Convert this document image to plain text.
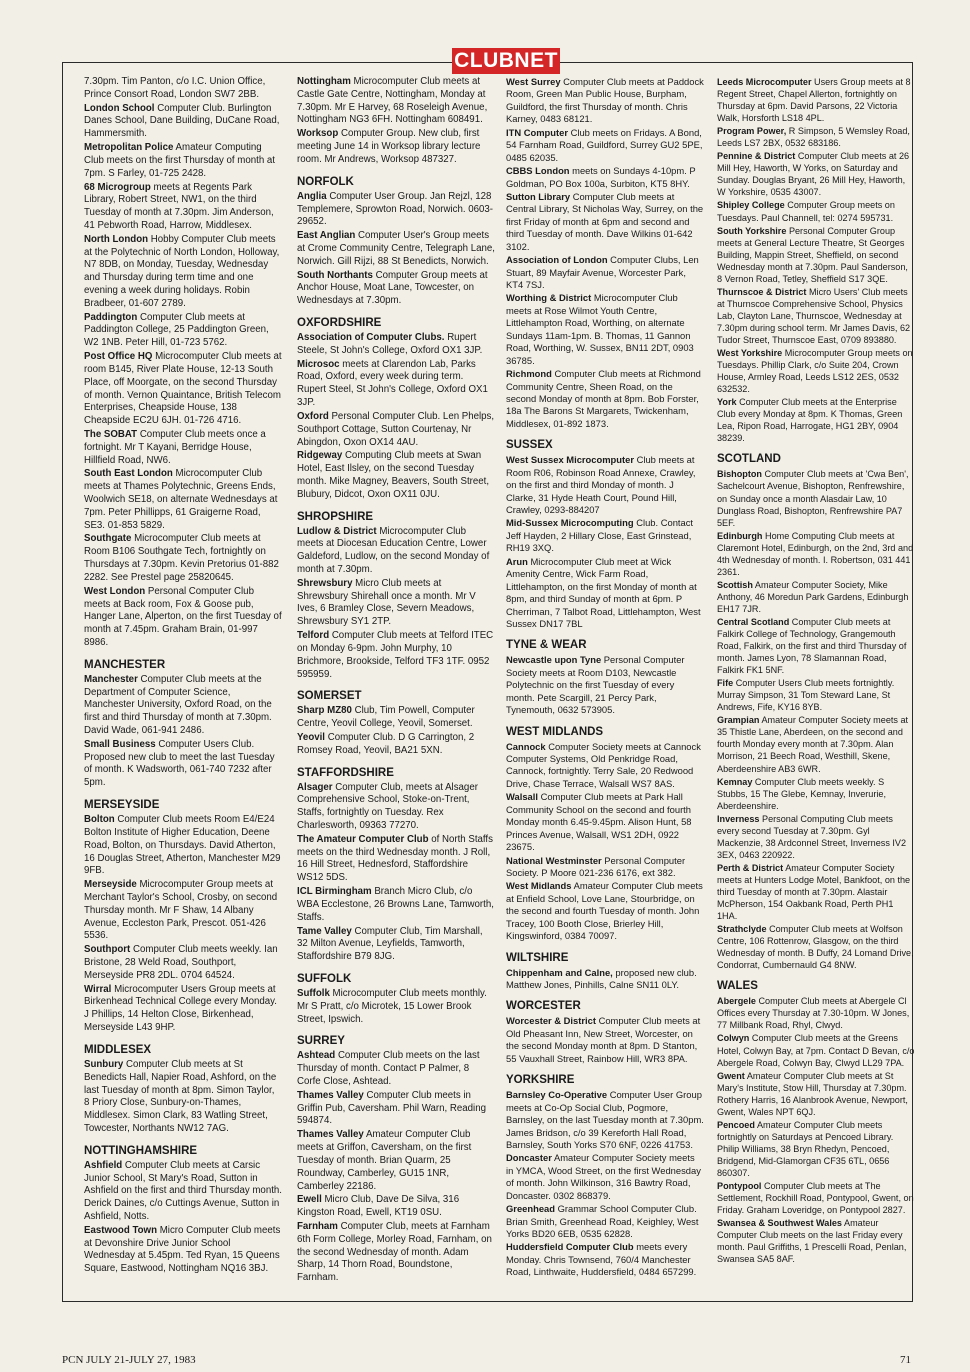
CLUBNET
7.30pm. Tim Panton, c/o I.C. Union Office, Prince Consort Road, London SW7 2BB.
London School Computer Club. Burlington Danes School, Dane Building, DuCane Road, Hammersmith.
Metropolitan Police Amateur Computing Club meets on the first Thursday of month at 7pm. S Farley, 01-725 2428.
68 Microgroup meets at Regents Park Library, Robert Street, NW1, on the third Tuesday of month at 7.30pm. Jim Anderson, 41 Pebworth Road, Harrow, Middlesex.
North London Hobby Computer Club meets at the Polytechnic of North London, Holloway, N7 8DB, on Monday, Tuesday, Wednesday and Thursday during term time and one evening a week during holidays. Robin Bradbeer, 01-607 2789.
Paddington Computer Club meets at Paddington College, 25 Paddington Green, W2 1NB. Peter Hill, 01-723 5762.
Post Office HQ Microcomputer Club meets at room B145, River Plate House, 12-13 South Place, off Moorgate, on the second Thursday of month. Vernon Quaintance, British Telecom Enterprises, Cheapside House, 138 Cheapside EC2U 6JH. 01-726 4716.
The SOBAT Computer Club meets once a fortnight. Mr T Kayani, Berridge House, Hillfield Road, NW6.
South East London Microcomputer Club meets at Thames Polytechnic, Greens Ends, Woolwich SE18, on alternate Wednesdays at 7pm. Peter Phillipps, 61 Graigerne Road, SE3. 01-853 5829.
Southgate Microcomputer Club meets at Room B106 Southgate Tech, fortnightly on Thursdays at 7.30pm. Kevin Pretorius 01-882 2282. See Prestel page 25820645.
West London Personal Computer Club meets at Back room, Fox & Goose pub, Hanger Lane, Alperton, on the first Tuesday of month at 7.45pm. Graham Brain, 01-997 8986.
MANCHESTER
Manchester Computer Club meets at the Department of Computer Science, Manchester University, Oxford Road, on the first and third Thursday of month at 7.30pm. David Wade, 061-941 2486.
Small Business Computer Users Club. Proposed new club to meet the last Tuesday of month. K Wadsworth, 061-740 7232 after 5pm.
MERSEYSIDE
Bolton Computer Club meets Room E4/E24 Bolton Institute of Higher Education, Deene Road, Bolton, on Thursdays. David Atherton, 16 Douglas Street, Atherton, Manchester M29 9FB.
Merseyside Microcomputer Group meets at Merchant Taylor's School, Crosby, on second Thursday month. Mr F Shaw, 14 Albany Avenue, Eccleston Park, Prescot. 051-426 5536.
Southport Computer Club meets weekly. Ian Bristone, 28 Weld Road, Southport, Merseyside PR8 2DL. 0704 64524.
Wirral Microcomputer Users Group meets at Birkenhead Technical College every Monday. J Phillips, 14 Helton Close, Birkenhead, Merseyside L43 9HP.
MIDDLESEX
Sunbury Computer Club meets at St Benedicts Hall, Napier Road, Ashford, on the last Tuesday of month at 8pm. Simon Taylor, 8 Priory Close, Sunbury-on-Thames, Middlesex. Simon Clark, 83 Watling Street, Towcester, Northants NW12 7AG.
NOTTINGHAMSHIRE
Ashfield Computer Club meets at Carsic Junior School, St Mary's Road, Sutton in Ashfield on the first and third Thursday month. Derick Daines, c/o Cuttings Avenue, Sutton in Ashfield, Notts.
Eastwood Town Micro Computer Club meets at Devonshire Drive Junior School Wednesday at 5.45pm. Ted Ryan, 15 Queens Square, Eastwood, Nottingham NQ16 3BJ.
Nottingham Microcomputer Club meets at Castle Gate Centre, Nottingham, Monday at 7.30pm. Mr E Harvey, 68 Roseleigh Avenue, Nottingham NG3 6FH. Nottingham 608491.
Worksop Computer Group. New club, first meeting June 14 in Worksop library lecture room. Mr Andrews, Worksop 487327.
NORFOLK
Anglia Computer User Group. Jan Rejzl, 128 Templemere, Sprowton Road, Norwich. 0603-29652.
East Anglian Computer User's Group meets at Crome Community Centre, Telegraph Lane, Norwich. Gill Rijzi, 88 St Benedicts, Norwich.
South Northants Computer Group meets at Anchor House, Moat Lane, Towcester, on Wednesdays at 7.30pm.
OXFORDSHIRE
Association of Computer Clubs. Rupert Steele, St John's College, Oxford OX1 3JP.
Microsoc meets at Clarendon Lab, Parks Road, Oxford, every week during term. Rupert Steel, St John's College, Oxford OX1 3JP.
Oxford Personal Computer Club. Len Phelps, Southport Cottage, Sutton Courtenay, Nr Abingdon, Oxon OX14 4AU.
Ridgeway Computing Club meets at Swan Hotel, East Ilsley, on the second Tuesday month. Mike Magney, Beavers, South Street, Blubury, Didcot, Oxon OX11 0JU.
SHROPSHIRE
Ludlow & District Microcomputer Club meets at Diocesan Education Centre, Lower Galdeford, Ludlow, on the second Monday of month at 7.30pm.
Shrewsbury Micro Club meets at Shrewsbury Shirehall once a month. Mr V Ives, 6 Bramley Close, Severn Meadows, Shrewsbury SY1 2TP.
Telford Computer Club meets at Telford ITEC on Monday 6-9pm. John Murphy, 10 Brichmore, Brookside, Telford TF3 1TF. 0952 595959.
SOMERSET
Sharp MZ80 Club, Tim Powell, Computer Centre, Yeovil College, Yeovil, Somerset.
Yeovil Computer Club. D G Carrington, 2 Romsey Road, Yeovil, BA21 5XN.
STAFFORDSHIRE
Alsager Computer Club, meets at Alsager Comprehensive School, Stoke-on-Trent, Staffs, fortnightly on Tuesday. Rex Charlesworth, 09363 77270.
The Amateur Computer Club of North Staffs meets on the third Wednesday month. J Roll, 16 Hill Street, Hednesford, Staffordshire WS12 5DS.
ICL Birmingham Branch Micro Club, c/o WBA Ecclestone, 26 Browns Lane, Tamworth, Staffs.
Tame Valley Computer Club, Tim Marshall, 32 Milton Avenue, Leyfields, Tamworth, Staffordshire B79 8JG.
SUFFOLK
Suffolk Microcomputer Club meets monthly. Mr S Pratt, c/o Microtek, 15 Lower Brook Street, Ipswich.
SURREY
Ashtead Computer Club meets on the last Thursday of month. Contact P Palmer, 8 Corfe Close, Ashtead.
Thames Valley Computer Club meets in Griffin Pub, Caversham. Phil Warn, Reading 594874.
Thames Valley Amateur Computer Club meets at Griffon, Caversham, on the first Tuesday of month. Brian Quarm, 25 Roundway, Camberley, GU15 1NR, Camberley 22186.
Ewell Micro Club, Dave De Silva, 316 Kingston Road, Ewell, KT19 0SU.
Farnham Computer Club, meets at Farnham 6th Form College, Morley Road, Farnham, on the second Wednesday of month. Adam Sharp, 14 Thorn Road, Boundstone, Farnham.
West Surrey Computer Club meets at Paddock Room, Green Man Public House, Burpham, Guildford, the first Thursday of month. Chris Karney, 0483 68121.
ITN Computer Club meets on Fridays. A Bond, 54 Farnham Road, Guildford, Surrey GU2 5PE, 0485 62035.
CBBS London meets on Sundays 4-10pm. P Goldman, PO Box 100a, Surbiton, KT5 8HY.
Sutton Library Computer Club meets at Central Library, St Nicholas Way, Surrey, on the first Friday of month at 6pm and second and third Tuesday of month. Dave Wilkins 01-642 3102.
Association of London Computer Clubs, Len Stuart, 89 Mayfair Avenue, Worcester Park, KT4 7SJ.
Worthing & District Microcomputer Club meets at Rose Wilmot Youth Centre, Littlehampton Road, Worthing, on alternate Sundays 11am-1pm. B. Thomas, 11 Gannon Road, Worthing, W. Sussex, BN11 2DT, 0903 36785.
Richmond Computer Club meets at Richmond Community Centre, Sheen Road, on the second Monday of month at 8pm. Bob Forster, 18a The Barons St Margarets, Twickenham, Middlesex, 01-892 1873.
SUSSEX
West Sussex Microcomputer Club meets at Room R06, Robinson Road Annexe, Crawley, on the first and third Monday of month. J Clarke, 31 Hyde Heath Court, Pound Hill, Crawley, 0293-884207
Mid-Sussex Microcomputing Club. Contact Jeff Hayden, 2 Hillary Close, East Grinstead, RH19 3XQ.
Arun Microcomputer Club meet at Wick Amenity Centre, Wick Farm Road, Littlehampton, on the first Monday of month at 8pm, and third Sunday of month at 6pm. P Cherriman, 7 Talbot Road, Littlehampton, West Sussex DN17 7BL
TYNE & WEAR
Newcastle upon Tyne Personal Computer Society meets at Room D103, Newcastle Polytechnic on the first Tuesday of every month. Pete Scargill, 21 Percy Park, Tynemouth, 0632 573905.
WEST MIDLANDS
Cannock Computer Society meets at Cannock Computer Systems, Old Penkridge Road, Cannock, fortnightly. Terry Sale, 20 Redwood Drive, Chase Terrace, Walsall WS7 8AS.
Walsall Computer Club meets at Park Hall Community School on the second and fourth Monday month 6.45-9.45pm. Alison Hunt, 58 Princes Avenue, Walsall, WS1 2DH, 0922 23675.
National Westminster Personal Computer Society. P Moore 021-236 6176, ext 382.
West Midlands Amateur Computer Club meets at Enfield School, Love Lane, Stourbridge, on the second and fourth Tuesday of month. John Tracey, 100 Booth Close, Brierley Hill, Kingswinford, 0384 70097.
WILTSHIRE
Chippenham and Calne, proposed new club. Matthew Jones, Pinhills, Calne SN11 0LY.
WORCESTER
Worcester & District Computer Club meets at Old Pheasant Inn, New Street, Worcester, on the second Monday month at 8pm. D Stanton, 55 Vauxhall Street, Rainbow Hill, WR3 8PA.
YORKSHIRE
Barnsley Co-Operative Computer User Group meets at Co-Op Social Club, Pogmore, Barnsley, on the last Tuesday month at 7.30pm. James Bridson, c/o 39 Kereforth Hall Road, Barnsley, South Yorks S70 6NF, 0226 41753.
Doncaster Amateur Computer Society meets in YMCA, Wood Street, on the first Wednesday of month. John Wilkinson, 316 Bawtry Road, Doncaster. 0302 868379.
Greenhead Grammar School Computer Club. Brian Smith, Greenhead Road, Keighley, West Yorks BD20 6EB, 0535 62828.
Huddersfield Computer Club meets every Monday. Chris Townsend, 760/4 Manchester Road, Linthwaite, Huddersfield, 0484 657299.
Leeds Microcomputer Users Group meets at 8 Regent Street, Chapel Allerton, fortnightly on Thursday at 6pm. David Parsons, 22 Victoria Walk, Horsforth LS18 4PL.
Program Power, R Simpson, 5 Wemsley Road, Leeds LS7 2BX, 0532 683186.
Pennine & District Computer Club meets at 26 Mill Hey, Haworth, W Yorks, on Saturday and Sunday. Douglas Bryant, 26 Mill Hey, Haworth, W Yorkshire, 0535 43007.
Shipley College Computer Group meets on Tuesdays. Paul Channell, tel: 0274 595731.
South Yorkshire Personal Computer Group meets at General Lecture Theatre, St Georges Building, Mappin Street, Sheffield, on second Wednesday month at 7.30pm. Paul Sanderson, 8 Vernon Road, Tetley, Sheffield S17 3QE.
Thurnscoe & District Micro Users' Club meets at Thurnscoe Comprehensive School, Physics Lab, Clayton Lane, Thurnscoe, Wednesday at 7.30pm during school term. Mr James Davis, 62 Tudor Street, Thurnscoe East, 0709 893880.
West Yorkshire Microcomputer Group meets on Tuesdays. Phillip Clark, c/o Suite 204, Crown House, Armley Road, Leeds LS12 2ES, 0532 632532.
York Computer Club meets at the Enterprise Club every Monday at 8pm. K Thomas, Green Lea, Ripon Road, Harrogate, HG1 2BY, 0904 38239.
SCOTLAND
Bishopton Computer Club meets at 'Cwa Ben', Sachelcourt Avenue, Bishopton, Renfrewshire, on Sunday once a month Alasdair Law, 10 Dunglass Road, Bishopton, Renfrewshire PA7 5EF.
Edinburgh Home Computing Club meets at Claremont Hotel, Edinburgh, on the 2nd, 3rd and 4th Wednesday of month. I. Robertson, 031 441 2361.
Scottish Amateur Computer Society, Mike Anthony, 46 Moredun Park Gardens, Edinburgh EH17 7JR.
Central Scotland Computer Club meets at Falkirk College of Technology, Grangemouth Road, Falkirk, on the first and third Thursday of month. James Lyon, 78 Slamannan Road, Falkirk FK1 5NF.
Fife Computer Users Club meets fortnightly. Murray Simpson, 31 Tom Steward Lane, St Andrews, Fife, KY16 8YB.
Grampian Amateur Computer Society meets at 35 Thistle Lane, Aberdeen, on the second and fourth Monday every month at 7.30pm. Alan Morrison, 21 Beech Road, Westhill, Skene, Aberdeenshire AB3 6WR.
Kemnay Computer Club meets weekly. S Stubbs, 15 The Glebe, Kemnay, Inverurie, Aberdeenshire.
Inverness Personal Computing Club meets every second Tuesday at 7.30pm. Gyl Mackenzie, 38 Ardconnel Street, Inverness IV2 3EX, 0463 220922.
Perth & District Amateur Computer Society meets at Hunters Lodge Motel, Bankfoot, on the third Tuesday of month at 7.30pm. Alastair McPherson, 154 Oakbank Road, Perth PH1 1HA.
Strathclyde Computer Club meets at Wolfson Centre, 106 Rottenrow, Glasgow, on the third Wednesday of month. B Duffy, 24 Lomand Drive, Condorrat, Cumbernauld G4 8NW.
WALES
Abergele Computer Club meets at Abergele Cl Offices every Thursday at 7.30-10pm. W Jones, 77 Millbank Road, Rhyl, Clwyd.
Colwyn Computer Club meets at the Greens Hotel, Colwyn Bay, at 7pm. Contact D Bevan, c/o Abergele Road, Colwyn Bay, Clwyd LL29 7PA.
Gwent Amateur Computer Club meets at St Mary's Institute, Stow Hill, Thursday at 7.30pm. Rothery Harris, 16 Alanbrook Avenue, Newport, Gwent, Wales NPT 6QJ.
Pencoed Amateur Computer Club meets fortnightly on Saturdays at Pencoed Library. Philip Williams, 38 Bryn Rhedyn, Pencoed, Bridgend, Mid-Glamorgan CF35 6TL, 0656 860307.
Pontypool Computer Club meets at The Settlement, Rockhill Road, Pontypool, Gwent, on Friday. Graham Loveridge, on Pontypool 2827.
Swansea & Southwest Wales Amateur Computer Club meets on the last Friday every month. Paul Griffiths, 1 Prescelli Road, Penlan, Swansea SA5 8AF.
PCN JULY 21-JULY 27, 1983	71
